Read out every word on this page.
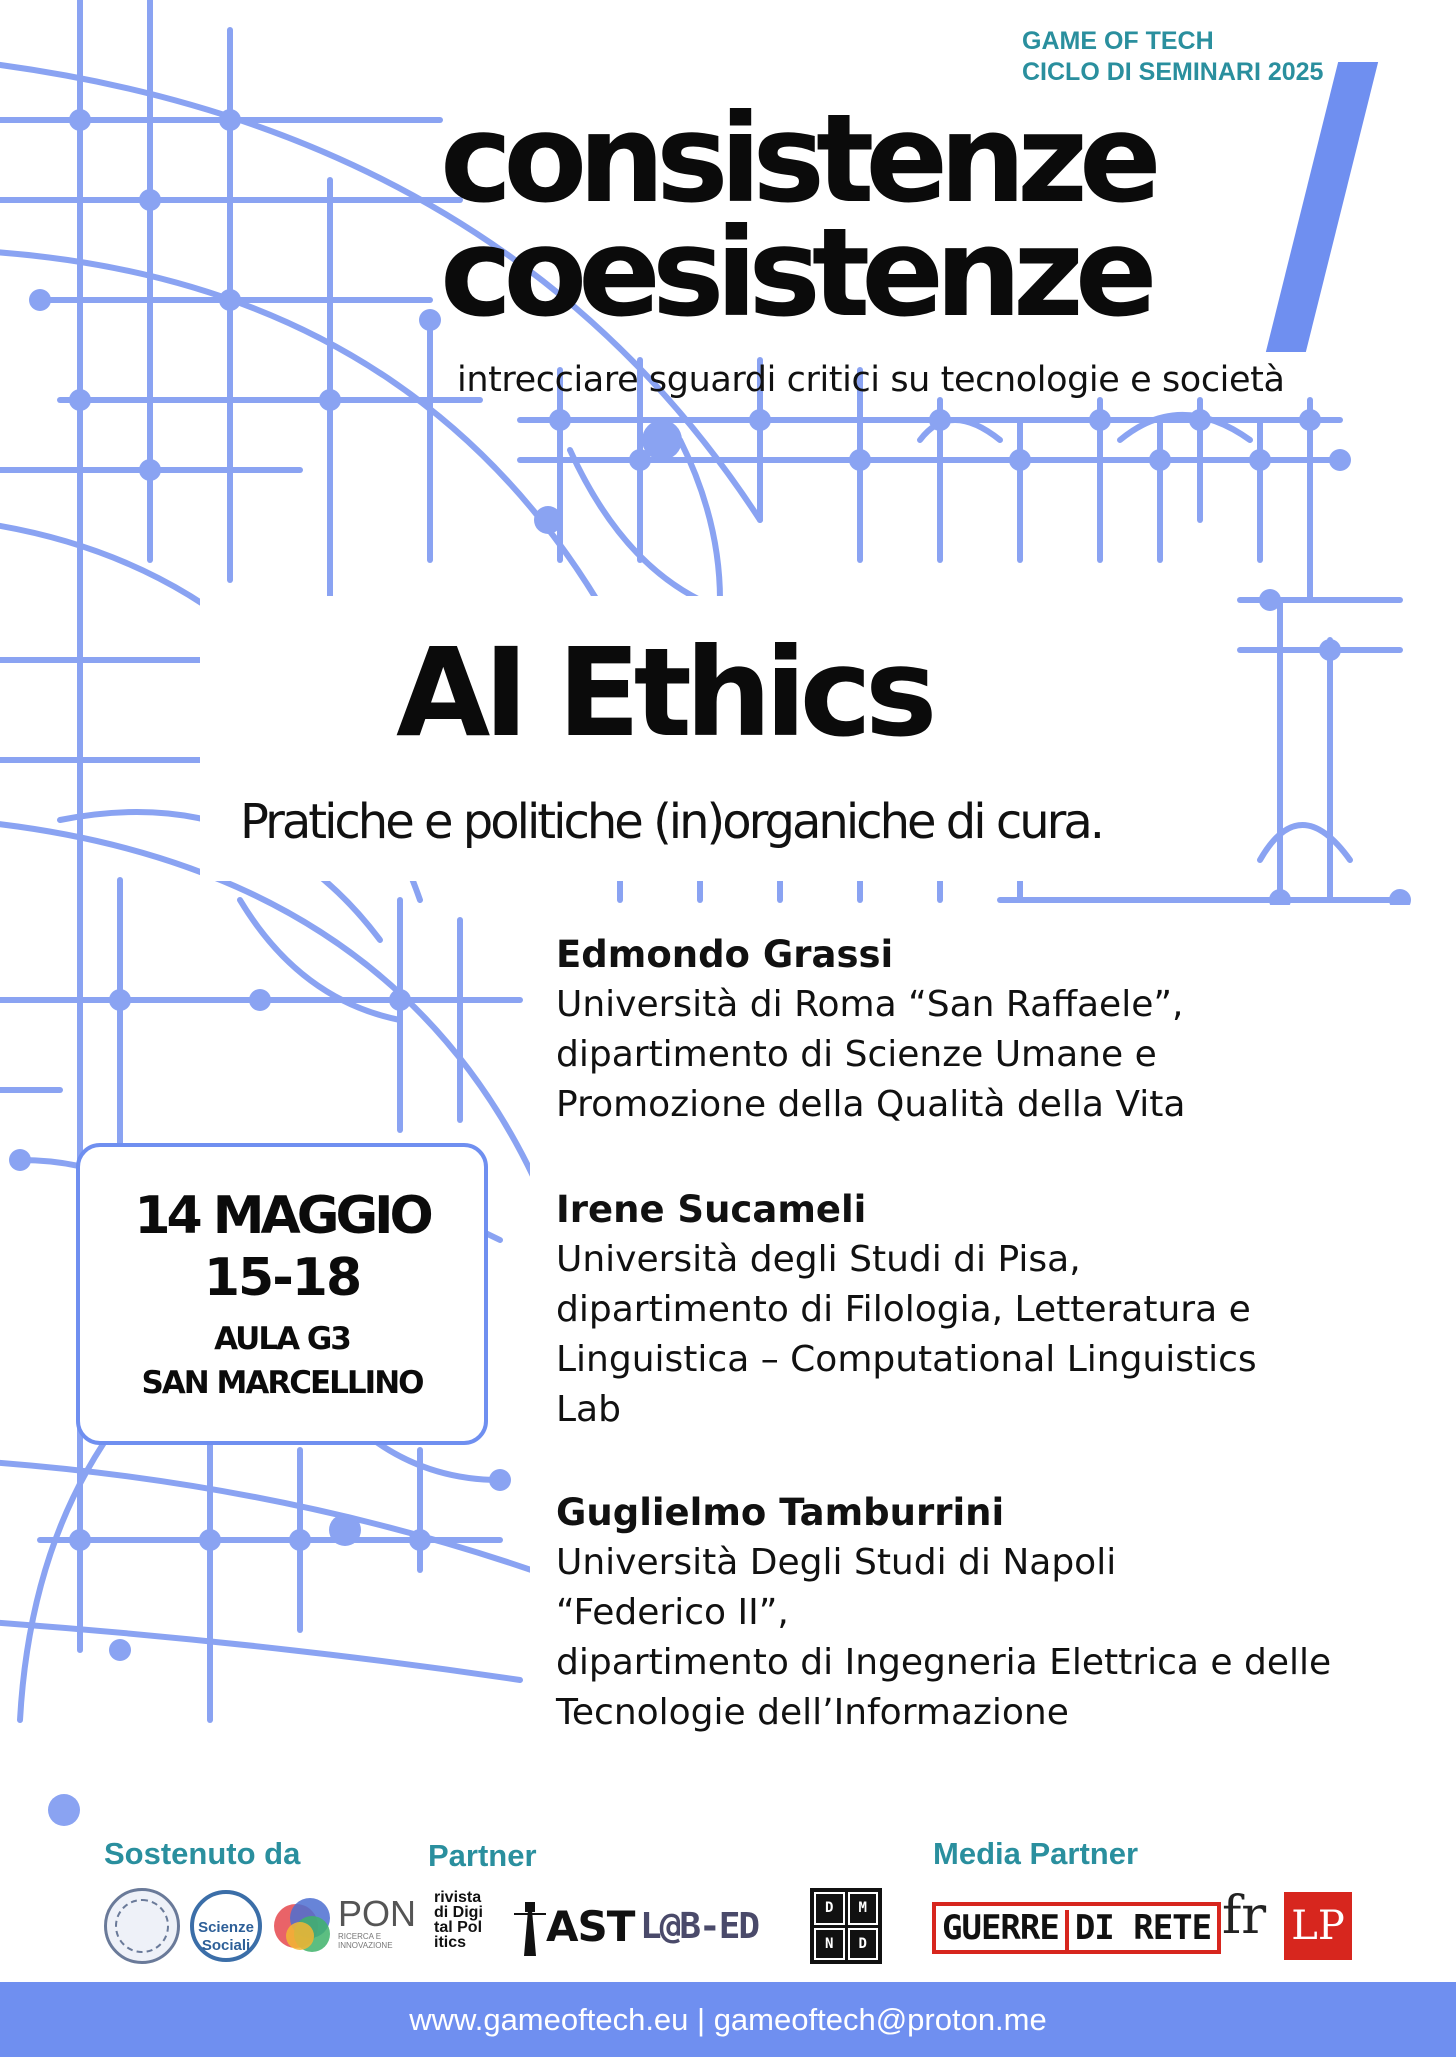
GAME OF TECH
CICLO DI SEMINARI 2025
consistenze
coesistenze
intrecciare sguardi critici su tecnologie e società
AI Ethics
Pratiche e politiche (in)organiche di cura.
Edmondo Grassi
Università di Roma “San Raffaele”,
dipartimento di Scienze Umane e
Promozione della Qualità della Vita
Irene Sucameli
Università degli Studi di Pisa,
dipartimento di Filologia, Letteratura e
Linguistica – Computational Linguistics
Lab
Guglielmo Tamburrini
Università Degli Studi di Napoli
“Federico II”,
dipartimento di Ingegneria Elettrica e delle
Tecnologie dell’Informazione
14 MAGGIO
15-18
AULA G3
SAN MARCELLINO
Sostenuto da	Partner	Media Partner
Scienze Sociali
PON
RICERCA E INNOVAZIONE
rivista di Digi tal Pol itics	AST L@B-ED	D	M
N	D	GUERRE DI RETE fr LP
www.gameoftech.eu | gameoftech@proton.me
